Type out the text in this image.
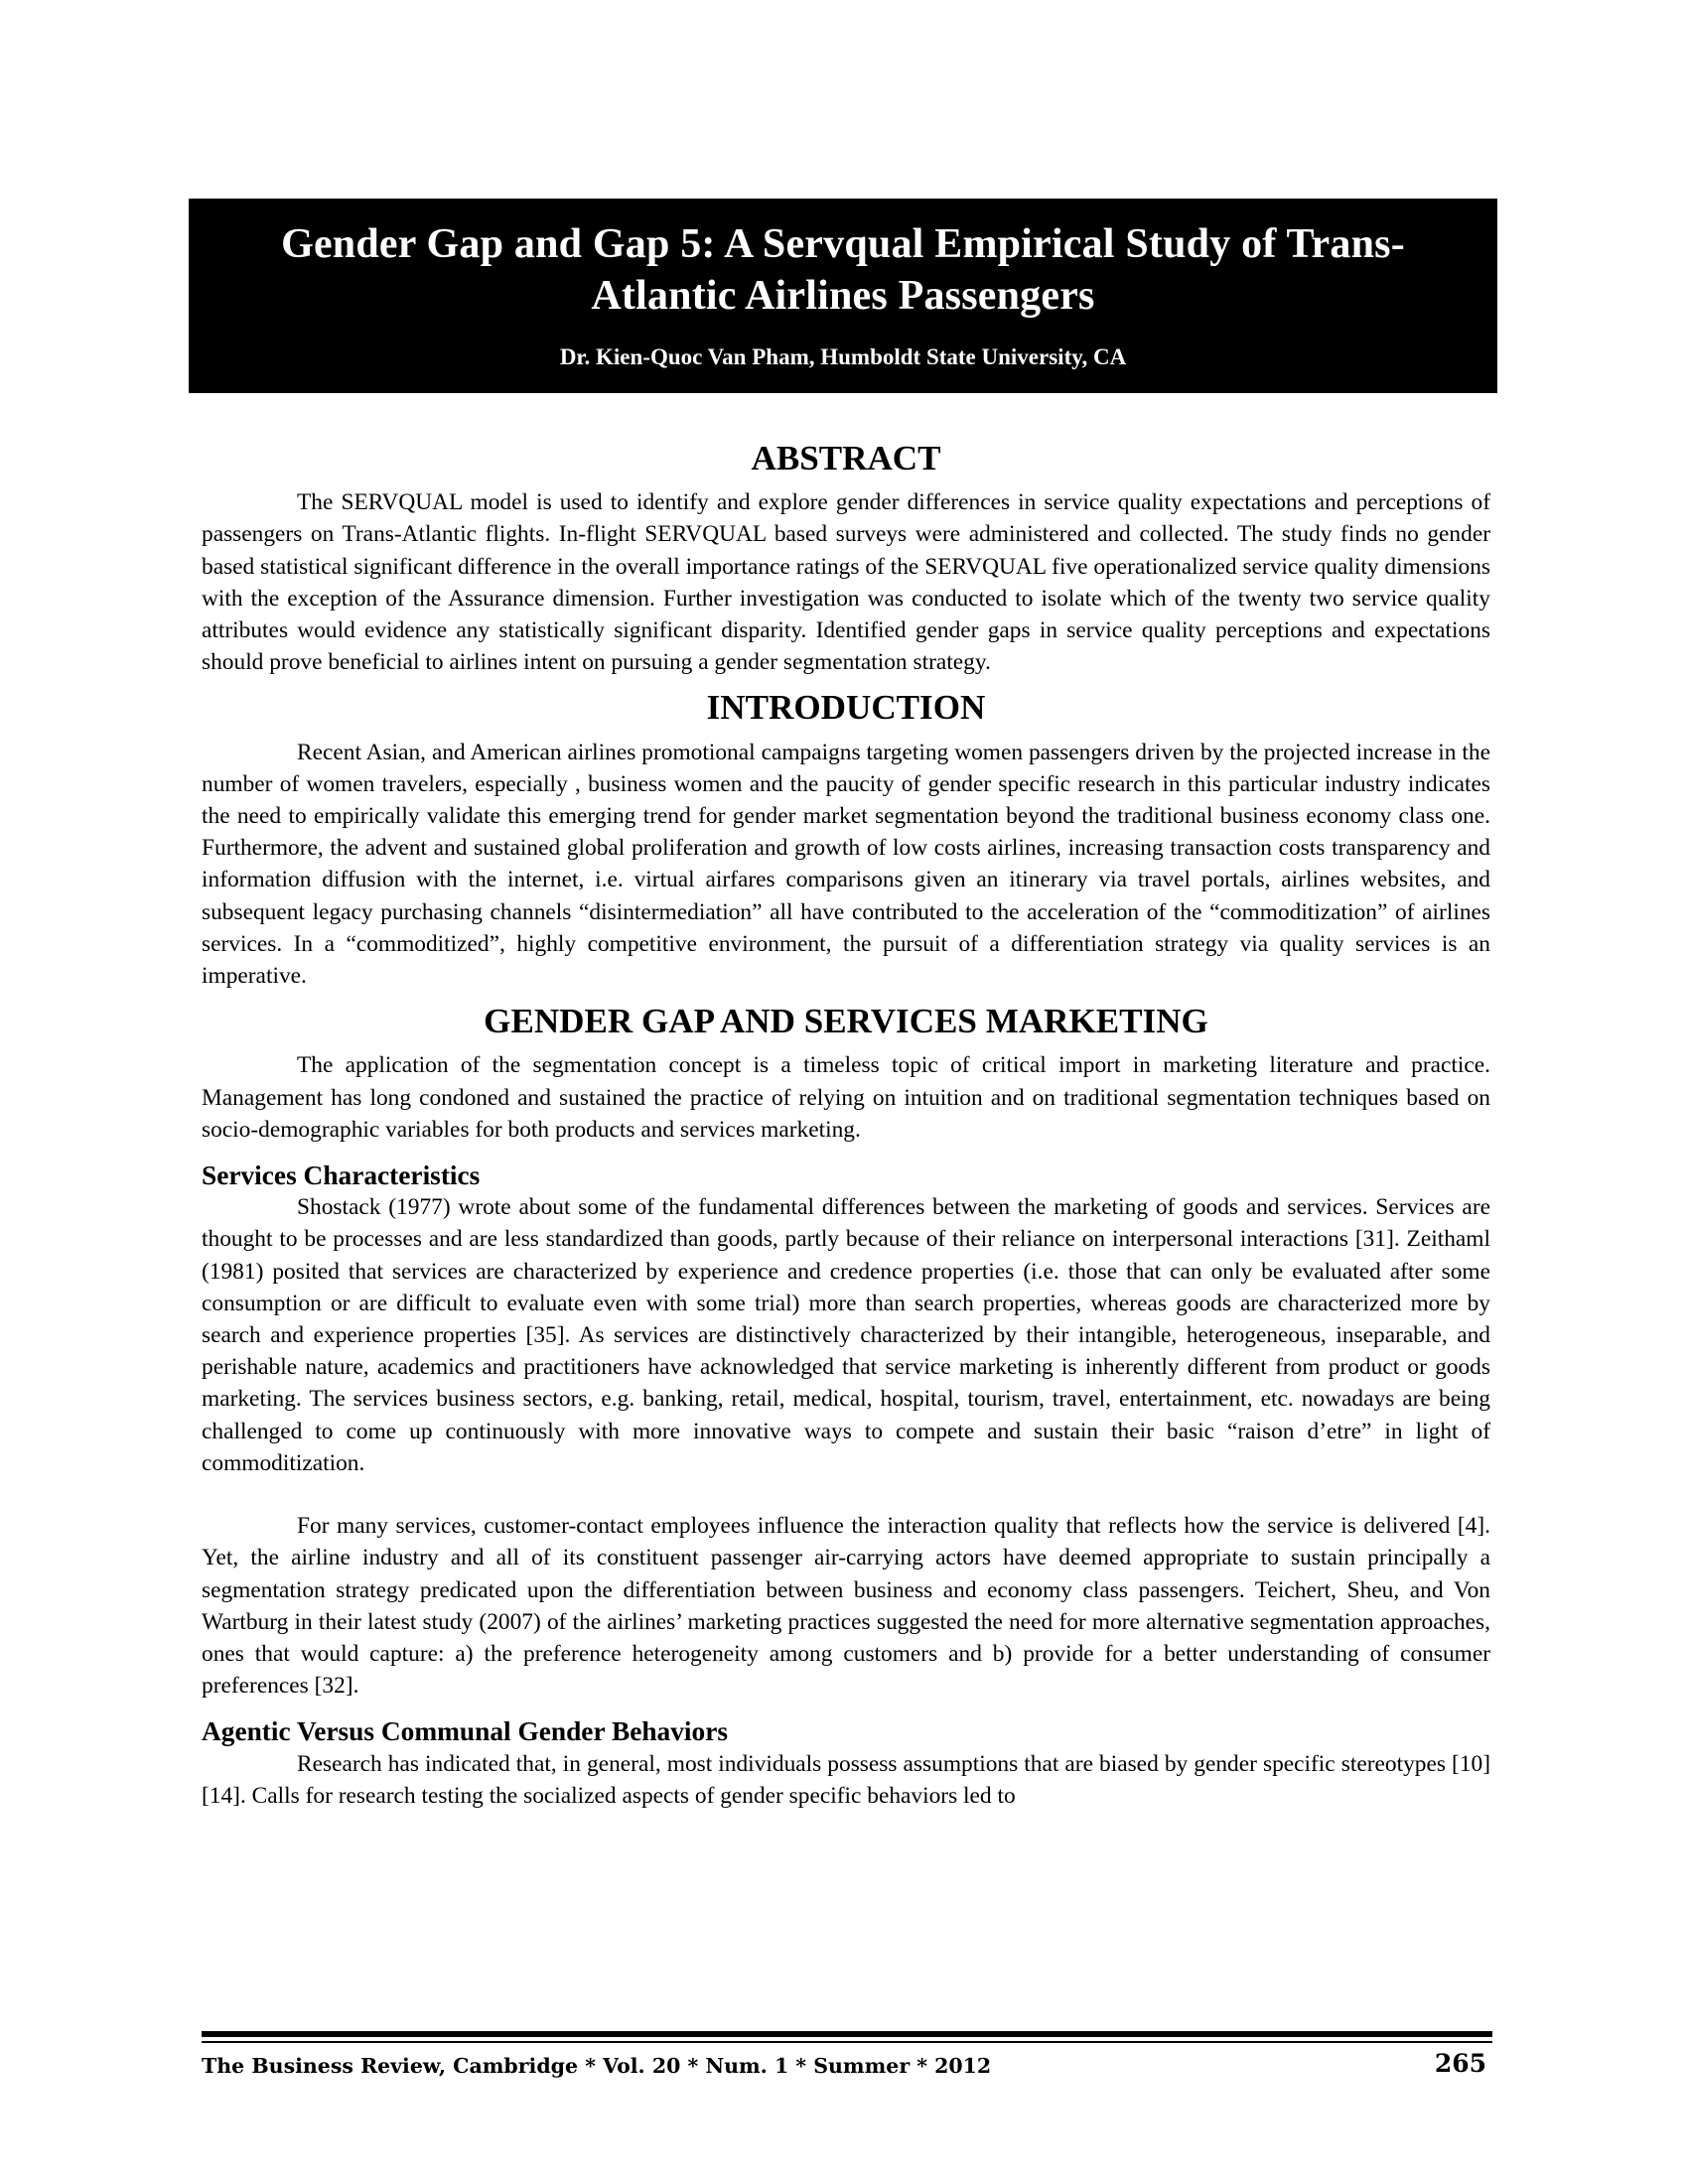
Gender Gap and Gap 5: A Servqual Empirical Study of Trans-
Atlantic Airlines Passengers
Dr. Kien-Quoc Van Pham, Humboldt State University, CA
ABSTRACT

The SERVQUAL model is used to identify and explore gender differences in service quality expectations and perceptions of passengers on Trans-Atlantic flights. In-flight SERVQUAL based surveys were administered and collected. The study finds no gender based statistical significant difference in the overall importance ratings of the SERVQUAL five operationalized service quality dimensions with the exception of the Assurance dimension. Further investigation was conducted to isolate which of the twenty two service quality attributes would evidence any statistically significant disparity. Identified gender gaps in service quality perceptions and expectations should prove beneficial to airlines intent on pursuing a gender segmentation strategy.

INTRODUCTION

Recent Asian, and American airlines promotional campaigns targeting women passengers driven by the projected increase in the number of women travelers, especially , business women and the paucity of gender specific research in this particular industry indicates the need to empirically validate this emerging trend for gender market segmentation beyond the traditional business economy class one. Furthermore, the advent and sustained global proliferation and growth of low costs airlines, increasing transaction costs transparency and information diffusion with the internet, i.e. virtual airfares comparisons given an itinerary via travel portals, airlines websites, and subsequent legacy purchasing channels “disintermediation” all have contributed to the acceleration of the “commoditization” of airlines services. In a “commoditized”, highly competitive environment, the pursuit of a differentiation strategy via quality services is an imperative.

GENDER GAP AND SERVICES MARKETING

The application of the segmentation concept is a timeless topic of critical import in marketing literature and practice. Management has long condoned and sustained the practice of relying on intuition and on traditional segmentation techniques based on socio-demographic variables for both products and services marketing.

Services Characteristics

Shostack (1977) wrote about some of the fundamental differences between the marketing of goods and services. Services are thought to be processes and are less standardized than goods, partly because of their reliance on interpersonal interactions [31]. Zeithaml (1981) posited that services are characterized by experience and credence properties (i.e. those that can only be evaluated after some consumption or are difficult to evaluate even with some trial) more than search properties, whereas goods are characterized more by search and experience properties [35]. As services are distinctively characterized by their intangible, heterogeneous, inseparable, and perishable nature, academics and practitioners have acknowledged that service marketing is inherently different from product or goods marketing. The services business sectors, e.g. banking, retail, medical, hospital, tourism, travel, entertainment, etc. nowadays are being challenged to come up continuously with more innovative ways to compete and sustain their basic “raison d’etre” in light of commoditization.

For many services, customer-contact employees influence the interaction quality that reflects how the service is delivered [4]. Yet, the airline industry and all of its constituent passenger air-carrying actors have deemed appropriate to sustain principally a segmentation strategy predicated upon the differentiation between business and economy class passengers. Teichert, Sheu, and Von Wartburg in their latest study (2007) of the airlines’ marketing practices suggested the need for more alternative segmentation approaches, ones that would capture: a) the preference heterogeneity among customers and b) provide for a better understanding of consumer preferences [32].

Agentic Versus Communal Gender Behaviors

Research has indicated that, in general, most individuals possess assumptions that are biased by gender specific stereotypes [10] [14]. Calls for research testing the socialized aspects of gender specific behaviors led to

The Business Review, Cambridge * Vol. 20 * Num. 1 * Summer * 2012	265
